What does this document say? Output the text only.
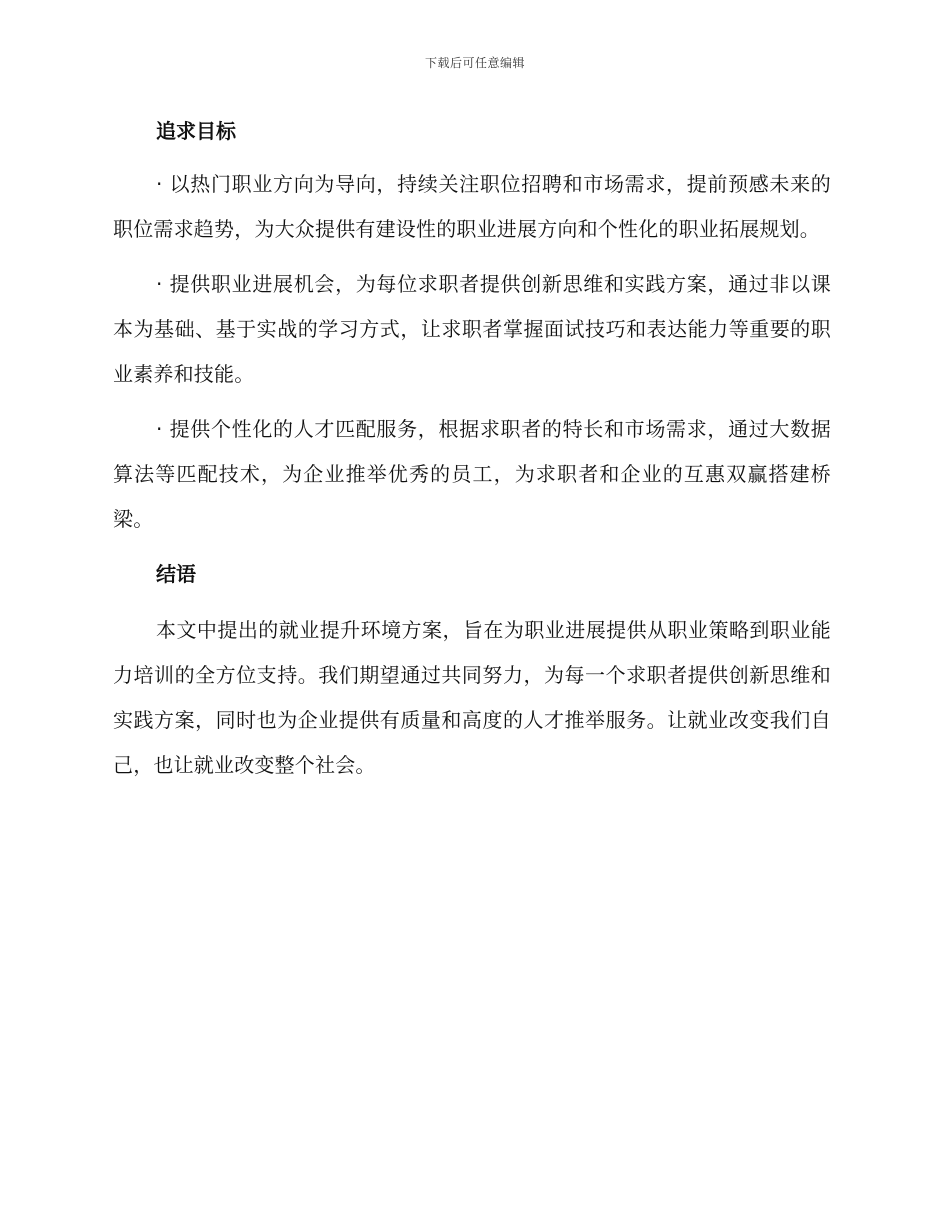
下载后可任意编辑
追求目标

· 以热门职业方向为导向，持续关注职位招聘和市场需求，提前预感未来的职位需求趋势，为大众提供有建设性的职业进展方向和个性化的职业拓展规划。

· 提供职业进展机会，为每位求职者提供创新思维和实践方案，通过非以课本为基础、基于实战的学习方式，让求职者掌握面试技巧和表达能力等重要的职业素养和技能。

· 提供个性化的人才匹配服务，根据求职者的特长和市场需求，通过大数据算法等匹配技术，为企业推举优秀的员工，为求职者和企业的互惠双赢搭建桥梁。

结语

本文中提出的就业提升环境方案，旨在为职业进展提供从职业策略到职业能力培训的全方位支持。我们期望通过共同努力，为每一个求职者提供创新思维和实践方案，同时也为企业提供有质量和高度的人才推举服务。让就业改变我们自己，也让就业改变整个社会。
